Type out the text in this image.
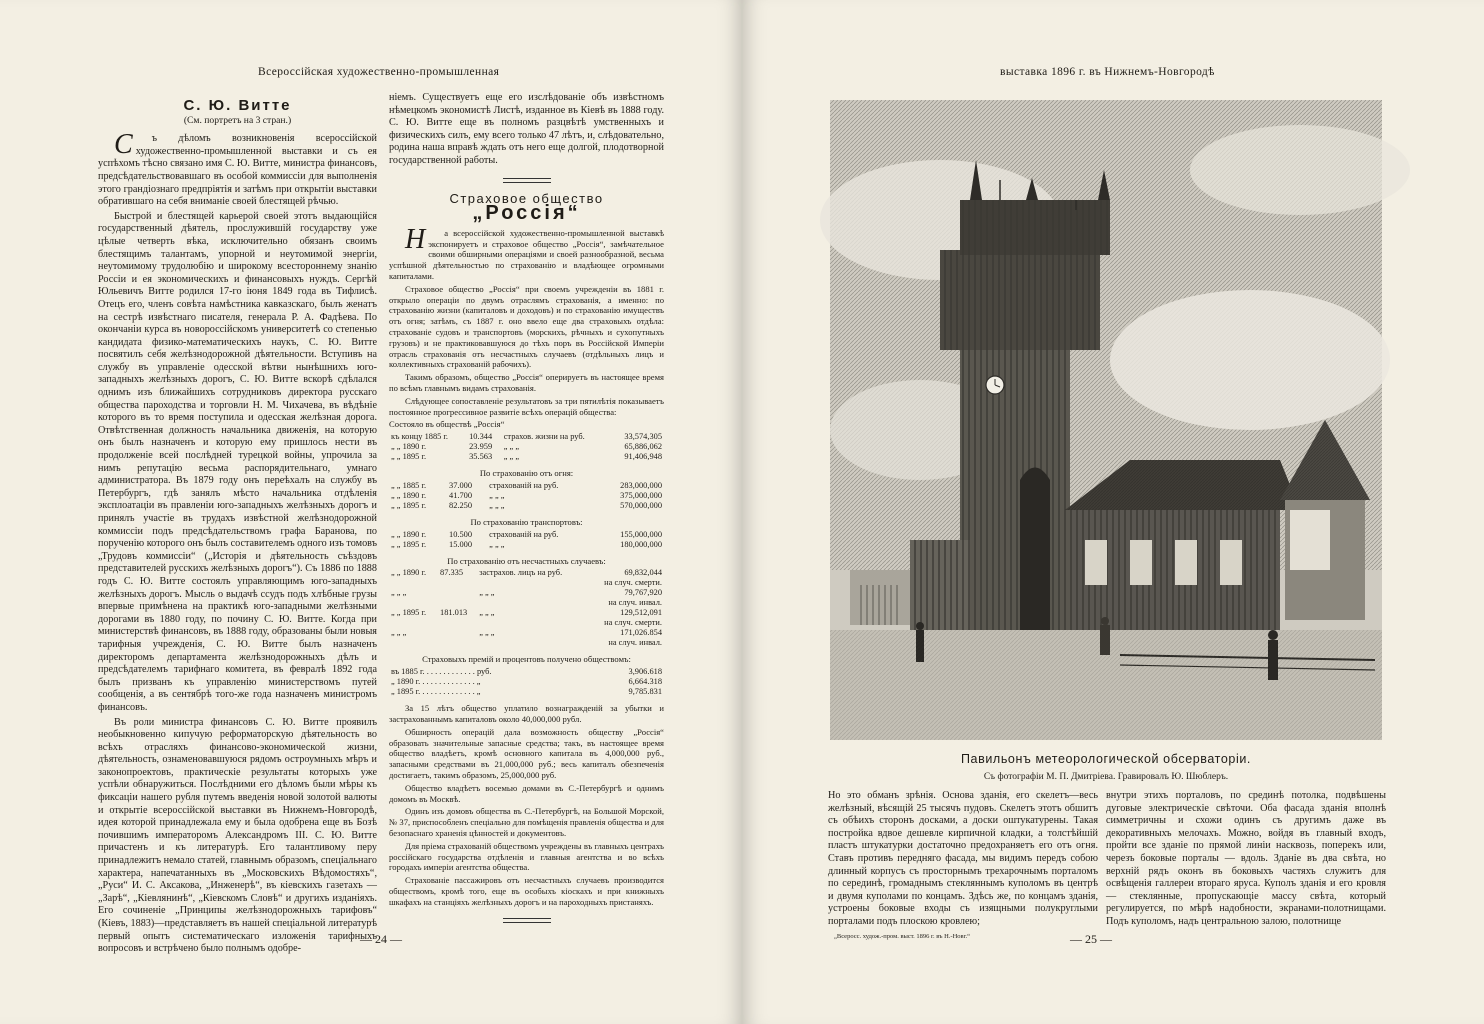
Всероссійская художественно-промышленная
С. Ю. Витте
(См. портретъ на 3 стран.)

Съ дѣломъ возникновенія всероссійской художественно-промышленной выставки и съ ея успѣхомъ тѣсно связано имя С. Ю. Витте, министра финансовъ, предсѣдательствовавшаго въ особой коммиссіи для выполненія этого грандіознаго предпріятія и затѣмъ при открытіи выставки обратившаго на себя вниманіе своей блестящей рѣчью.

Быстрой и блестящей карьерой своей этотъ выдающійся государственный дѣятель, прослужившій государству уже цѣлые четверть вѣка, исключительно обязанъ своимъ блестящимъ талантамъ, упорной и неутомимой энергіи, неутомимому трудолюбію и широкому всестороннему знанію Россіи и ея экономическихъ и финансовыхъ нуждъ. Сергѣй Юльевичъ Витте родился 17-го іюня 1849 года въ Тифлисѣ. Отецъ его, членъ совѣта намѣстника кавказскаго, былъ женатъ на сестрѣ извѣстнаго писателя, генерала Р. А. Фадѣева. По окончаніи курса въ новороссійскомъ университетѣ со степенью кандидата физико-математическихъ наукъ, С. Ю. Витте посвятилъ себя желѣзнодорожной дѣятельности. Вступивъ на службу въ управленіе одесской вѣтви нынѣшнихъ юго-западныхъ желѣзныхъ дорогъ, С. Ю. Витте вскорѣ сдѣлался однимъ изъ ближайшихъ сотрудниковъ директора русскаго общества пароходства и торговли Н. М. Чихачева, въ вѣдѣніе которого въ то время поступила и одесская желѣзная дорога. Отвѣтственная должность начальника движенія, на которую онъ былъ назначенъ и которую ему пришлось нести въ продолженіе всей послѣдней турецкой войны, упрочила за нимъ репутацію весьма распорядительнаго, умнаго администратора. Въ 1879 году онъ переѣхалъ на службу въ Петербургъ, гдѣ занялъ мѣсто начальника отдѣленія эксплоатаціи въ правленіи юго-западныхъ желѣзныхъ дорогъ и принялъ участіе въ трудахъ извѣстной желѣзнодорожной коммиссіи подъ предсѣдательствомъ графа Баранова, по порученію которого онъ былъ составителемъ одного изъ томовъ „Трудовъ коммиссіи“ („Исторія и дѣятельность съѣздовъ представителей русскихъ желѣзныхъ дорогъ“). Съ 1886 по 1888 годъ С. Ю. Витте состоялъ управляющимъ юго-западныхъ желѣзныхъ дорогъ. Мысль о выдачѣ ссудъ подъ хлѣбные грузы впервые примѣнена на практикѣ юго-западными желѣзными дорогами въ 1880 году, по почину С. Ю. Витте. Когда при министерствѣ финансовъ, въ 1888 году, образованы были новыя тарифныя учрежденія, С. Ю. Витте былъ назначенъ директоромъ департамента желѣзнодорожныхъ дѣлъ и предсѣдателемъ тарифнаго комитета, въ февралѣ 1892 года былъ призванъ къ управленію министерствомъ путей сообщенія, а въ сентябрѣ того-же года назначенъ министромъ финансовъ.

Въ роли министра финансовъ С. Ю. Витте проявилъ необыкновенно кипучую реформаторскую дѣятельность во всѣхъ отрасляхъ финансово-экономической жизни, дѣятельность, ознаменовавшуюся рядомъ остроумныхъ мѣръ и законопроектовъ, практическіе результаты которыхъ уже успѣли обнаружиться. Послѣдними его дѣломъ были мѣры къ фиксаціи нашего рубля путемъ введенія новой золотой валюты и открытіе всероссійской выставки въ Нижнемъ-Новгородѣ, идея которой принадлежала ему и была одобрена еще въ Бозѣ почившимъ императоромъ Александромъ III. С. Ю. Витте причастенъ и къ литературѣ. Его талантливому перу принадлежитъ немало статей, главнымъ образомъ, спеціальнаго характера, напечатанныхъ въ „Московскихъ Вѣдомостяхъ“, „Руси“ И. С. Аксакова, „Инженерѣ“, въ кіевскихъ газетахъ — „Зарѣ“, „Кіевлянинѣ“, „Кіевскомъ Словѣ“ и другихъ изданіяхъ. Его сочиненіе „Принципы желѣзнодорожныхъ тарифовъ“ (Кіевъ, 1883)—представляетъ въ нашей спеціальной литературѣ первый опытъ систематическаго изложенія тарифныхъ вопросовъ и встрѣчено было полнымъ одобре-

ніемъ. Существуетъ еще его изслѣдованіе объ извѣстномъ нѣмецкомъ экономистѣ Листѣ, изданное въ Кіевѣ въ 1888 году. С. Ю. Витте еще въ полномъ разцвѣтѣ умственныхъ и физическихъ силъ, ему всего только 47 лѣтъ, и, слѣдовательно, родина наша вправѣ ждать отъ него еще долгой, плодотворной государственной работы.

Страховое общество
„Россія“

На всероссійской художественно-промышленной выставкѣ экспонируетъ и страховое общество „Россія“, замѣчательное своими обширными операціями и своей разнообразной, весьма успѣшной дѣятельностью по страхованію и владѣющее огромными капиталами.

Страховое общество „Россія“ при своемъ учрежденіи въ 1881 г. открыло операціи по двумъ отраслямъ страхованія, а именно: по страхованію жизни (капиталовъ и доходовъ) и по страхованію имуществъ отъ огня; затѣмъ, съ 1887 г. оно ввело еще два страховыхъ отдѣла: страхованіе судовъ и транспортовъ (морскихъ, рѣчныхъ и сухопутныхъ грузовъ) и не практиковавшуюся до тѣхъ поръ въ Россійской Имперіи отрасль страхованія отъ несчастныхъ случаевъ (отдѣльныхъ лицъ и коллективныхъ страхованій рабочихъ).

Такимъ образомъ, общество „Россія“ оперируетъ въ настоящее время по всѣмъ главнымъ видамъ страхованія.

Слѣдующее сопоставленіе результатовъ за три пятилѣтія показываетъ постоянное прогрессивное развитіе всѣхъ операцій общества:

Состояло въ обществѣ „Россія“
къ концу 1885 г.	10.344	страхов. жизни на руб.	33,574,305
„ „ 1890 г.	23.959	„ „ „	65,886,062
„ „ 1895 г.	35.563	„ „ „	91,406,948
По страхованію отъ огня:
„ „ 1885 г.	37.000	страхованій на руб.	283,000,000
„ „ 1890 г.	41.700	„ „ „	375,000,000
„ „ 1895 г.	82.250	„ „ „	570,000,000
По страхованію транспортовъ:
„ „ 1890 г.	10.500	страхованій на руб.	155,000,000
„ „ 1895 г.	15.000	„ „ „	180,000,000
По страхованію отъ несчастныхъ случаевъ:
„ „ 1890 г.	87.335	застрахов. лицъ на руб.	69,832,044
			на случ. смерти.
„ „ „		„ „ „	79,767,920
			на случ. инвал.
„ „ 1895 г.	181.013	„ „ „	129,512,091
			на случ. смерти.
„ „ „		„ „ „	171,026.854
			на случ. инвал.
Страховыхъ премій и процентовъ получено обществомъ:
въ 1885 г. . . . . . . . . . . . . руб.	3,906.618
„ 1890 г. . . . . . . . . . . . . . „	6,664.318
„ 1895 г. . . . . . . . . . . . . . „	9,785.831

За 15 лѣтъ общество уплатило вознагражденій за убытки и застрахованнымъ капиталовъ около 40,000,000 рубл.

Обширность операцій дала возможность обществу „Россія“ образовать значительные запасные средства; такъ, въ настоящее время общество владѣетъ, кромѣ основного капитала въ 4,000,000 руб., запасными средствами въ 21,000,000 руб.; весь капиталъ обезпеченія достигаетъ, такимъ образомъ, 25,000,000 руб.

Общество владѣетъ восемью домами въ С.-Петербургѣ и однимъ домомъ въ Москвѣ.

Одинъ изъ домовъ общества въ С.-Петербургѣ, на Большой Морской, № 37, приспособленъ спеціально для помѣщенія правленія общества и для безопаснаго храненія цѣнностей и документовъ.

Для пріема страхованій обществомъ учреждены въ главныхъ центрахъ россійскаго государства отдѣленія и главныя агентства и во всѣхъ городахъ имперіи агентства общества.

Страхованіе пассажировъ отъ несчастныхъ случаевъ производится обществомъ, кромѣ того, еще въ особыхъ кіоскахъ и при книжныхъ шкафахъ на станціяхъ желѣзныхъ дорогъ и на пароходныхъ пристаняхъ.

— 24 —
выставка 1896 г. въ Нижнемъ-Новгородѣ
Павильонъ метеорологической обсерваторіи.
Съ фотографіи М. П. Дмитріева. Гравировалъ Ю. Шюблеръ.
Но это обманъ зрѣнія. Основа зданія, его скелетъ—весь желѣзный, вѣсящій 25 тысячъ пудовъ. Скелетъ этотъ обшитъ съ обѣихъ сторонъ досками, а доски оштукатурены. Такая постройка вдвое дешевле кирпичной кладки, а толстѣйшій пластъ штукатурки достаточно предохраняетъ его отъ огня. Ставъ противъ передняго фасада, мы видимъ передъ собою длинный корпусъ съ просторнымъ трехарочнымъ порталомъ по серединѣ, громаднымъ стекляннымъ куполомъ въ центрѣ и двумя куполами по концамъ. Здѣсь же, по концамъ зданія, устроены боковые входы съ изящными полукруглыми порталами подъ плоскою кровлею;
внутри этихъ порталовъ, по срединѣ потолка, подвѣшены дуговые электрическіе свѣточи. Оба фасада зданія вполнѣ симметричны и схожи одинъ съ другимъ даже въ декоративныхъ мелочахъ. Можно, войдя въ главный входъ, пройти все зданіе по прямой линіи насквозь, поперекъ или, черезъ боковые порталы — вдоль. Зданіе въ два свѣта, но верхній рядъ оконъ въ боковыхъ частяхъ служитъ для освѣщенія галлереи втораго яруса. Куполъ зданія и его кровля — стеклянные, пропускающіе массу свѣта, который регулируется, по мѣрѣ надобности, экранами-полотнищами. Подъ куполомъ, надъ центральною залою, полотнище
„Всеросс. худож.-пром. выст. 1896 г. въ Н.-Новг.“	— 25 —
